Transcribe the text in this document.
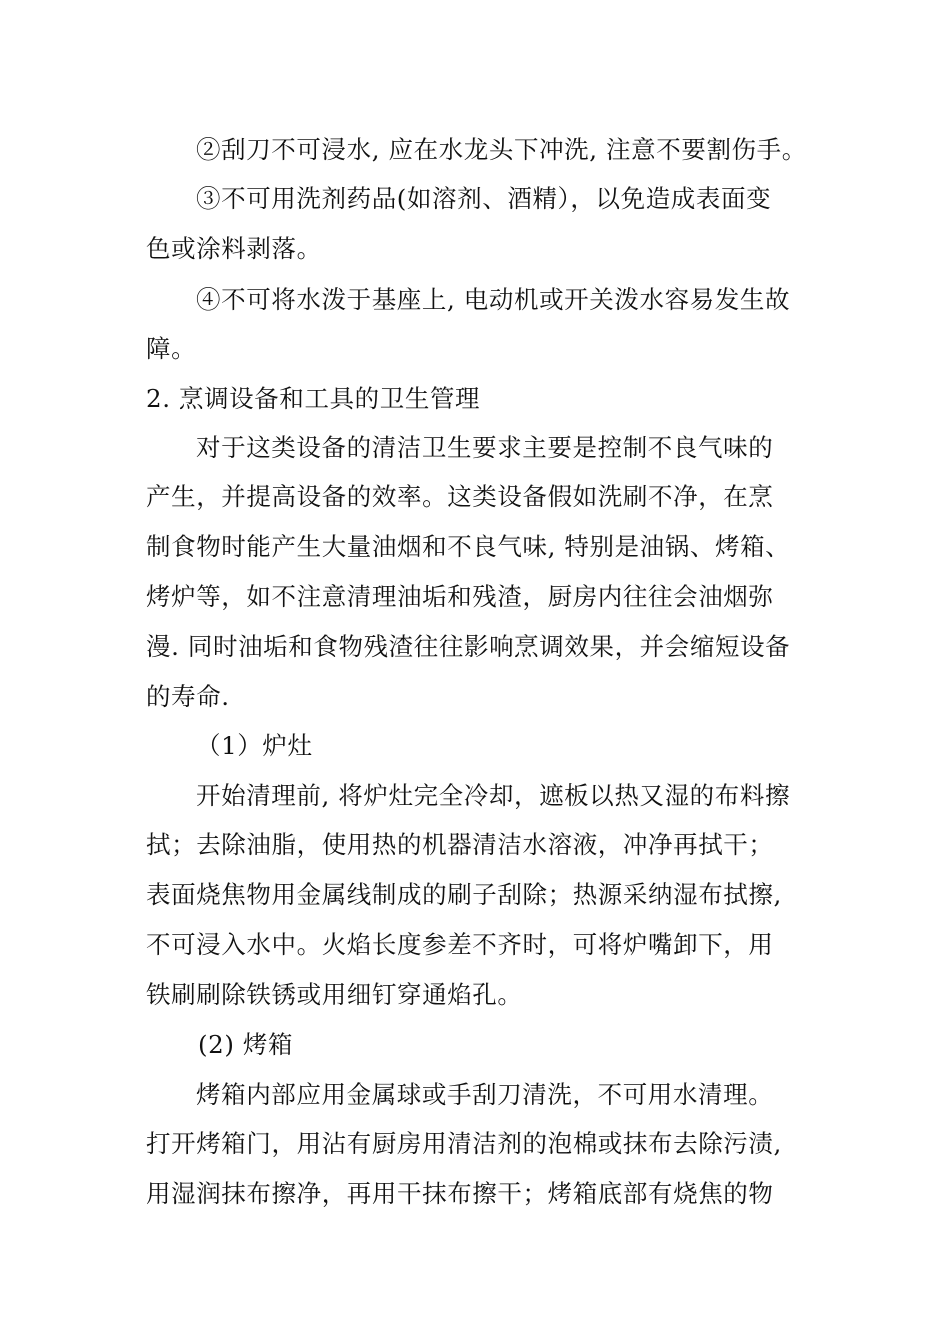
②刮刀不可浸水, 应在水龙头下冲洗, 注意不要割伤手。
③不可用洗剂药品(如溶剂、酒精），以免造成表面变
色或涂料剥落。
④不可将水泼于基座上, 电动机或开关泼水容易发生故
障。
2. 烹调设备和工具的卫生管理
对于这类设备的清洁卫生要求主要是控制不良气味的
产生，并提高设备的效率。这类设备假如洗刷不净，在烹
制食物时能产生大量油烟和不良气味, 特别是油锅、烤箱、
烤炉等，如不注意清理油垢和残渣，厨房内往往会油烟弥
漫. 同时油垢和食物残渣往往影响烹调效果，并会缩短设备
的寿命.
（1）炉灶
开始清理前, 将炉灶完全冷却，遮板以热又湿的布料擦
拭；去除油脂，使用热的机器清洁水溶液，冲净再拭干；
表面烧焦物用金属线制成的刷子刮除；热源采纳湿布拭擦,
不可浸入水中。火焰长度参差不齐时，可将炉嘴卸下，用
铁刷刷除铁锈或用细钉穿通焰孔。
(2) 烤箱
烤箱内部应用金属球或手刮刀清洗，不可用水清理。
打开烤箱门，用沾有厨房用清洁剂的泡棉或抹布去除污渍,
用湿润抹布擦净，再用干抹布擦干；烤箱底部有烧焦的物
